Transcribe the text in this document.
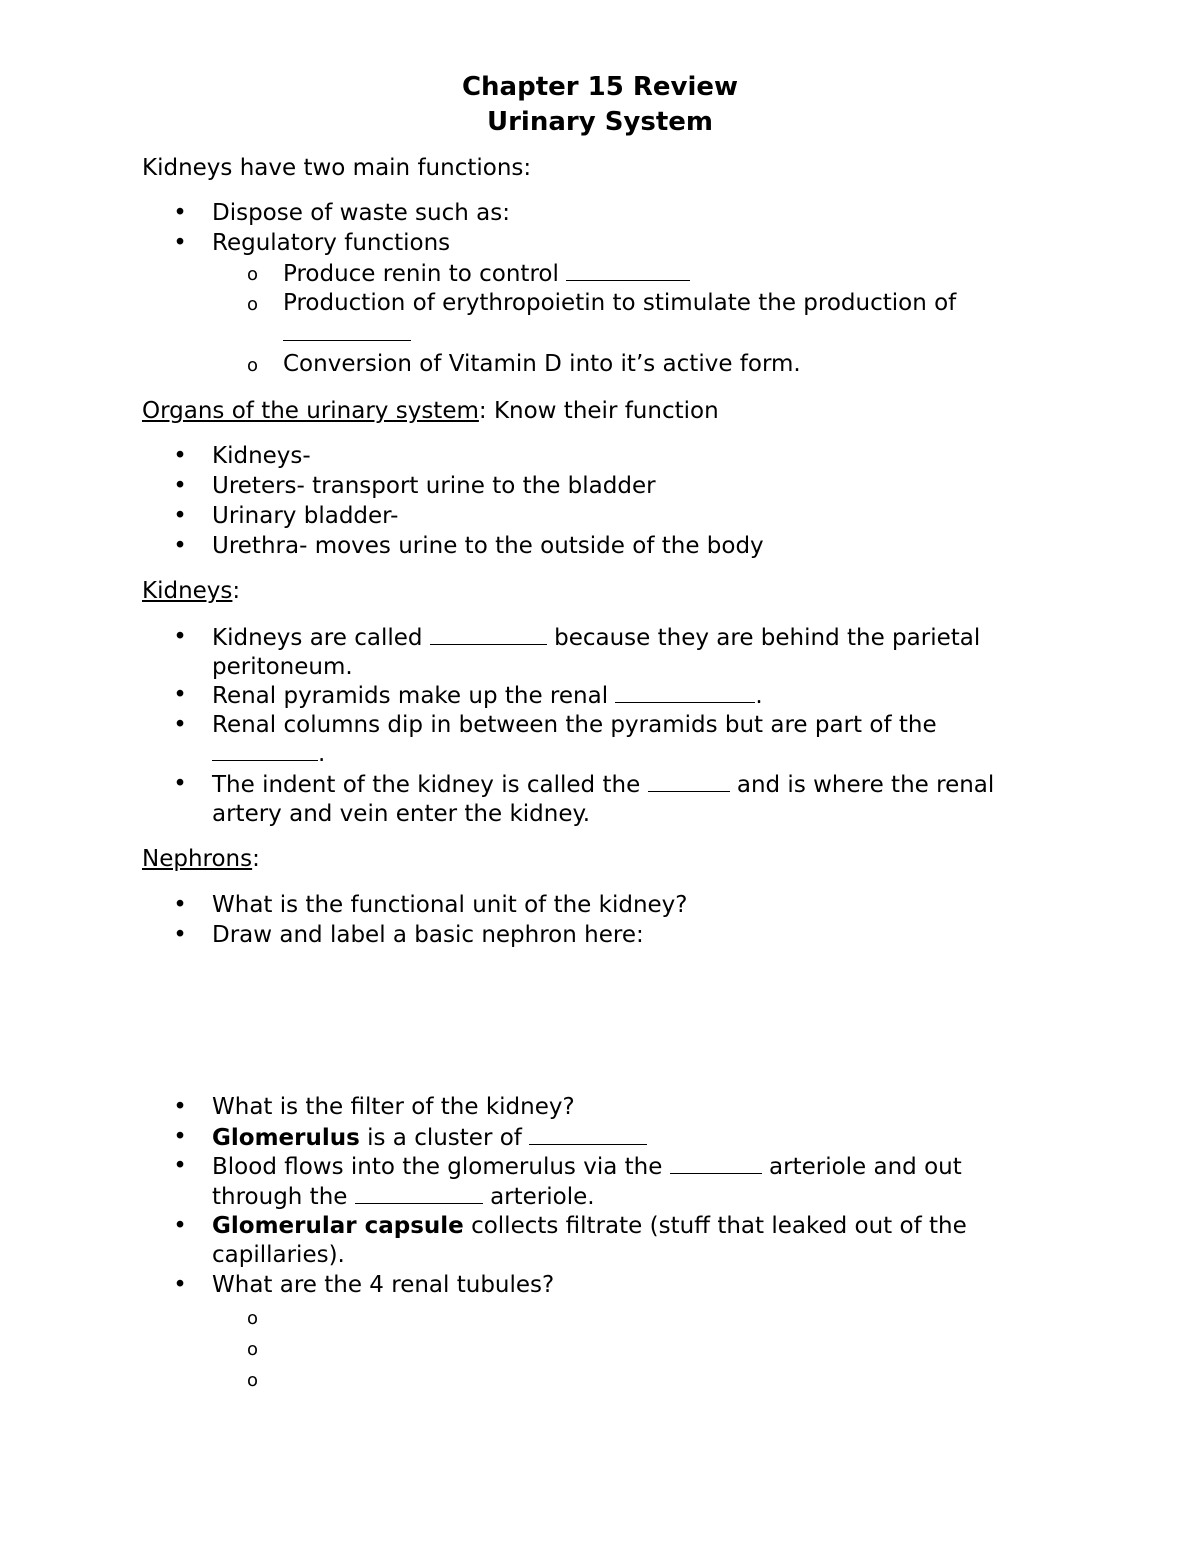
Chapter 15 Review
Urinary System
Kidneys have two main functions:
• Dispose of waste such as:
• Regulatory functions
o Produce renin to control
o Production of erythropoietin to stimulate the production of
o Conversion of Vitamin D into it’s active form.
Organs of the urinary system: Know their function
• Kidneys-
• Ureters- transport urine to the bladder
• Urinary bladder-
• Urethra- moves urine to the outside of the body
Kidneys:
• Kidneys are called	because they are behind the parietal
peritoneum.
• Renal pyramids make up the renal	.
• Renal columns dip in between the pyramids but are part of the
.
• The indent of the kidney is called the	and is where the renal
artery and vein enter the kidney.
Nephrons:
• What is the functional unit of the kidney?
• Draw and label a basic nephron here:
• What is the filter of the kidney?
• Glomerulus is a cluster of
• Blood flows into the glomerulus via the	arteriole and out
through the	arteriole.
• Glomerular capsule collects filtrate (stuff that leaked out of the
capillaries).
• What are the 4 renal tubules?
o
o
o
